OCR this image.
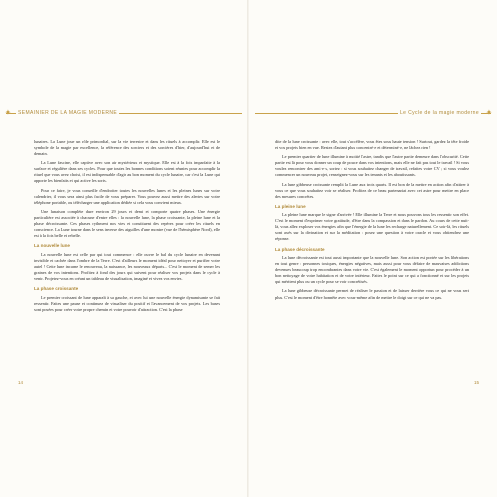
✦	SEMAINIER DE LA MAGIE MODERNE

lunaires. La Lune joue un rôle primordial, sur la vie terrestre et dans les rituels à accomplir. Elle est le symbole de la magie par excellence, la référence des sorciers et des sorcières d'hier, d'aujourd'hui et de demain.

La Lune fascine, elle captive avec son air mystérieux et mystique. Elle est à la fois imparfaite à la surface et régulière dans ses cycles. Pour que toutes les bonnes conditions soient réunies pour accomplir la rituel que vous avez choisi, il est indispensable d'agir au bon moment du cycle lunaire, car c'est la Lune qui apporte les bienfaits et qui active les sorts.

Pour ce faire, je vous conseille d'endroiter toutes les nouvelles lunes et les pleines lunes sur votre calendrier, il vous sera ainsi plus facile de vous préparer. Vous pouvez aussi mettre des alertes sur votre téléphone portable, ou télécharger une application dédiée si cela vous convient mieux.

Une lunaison complète dure environ 29 jours et demi et comporte quatre phases. Une énergie particulière est associée à chacune d'entre elles : la nouvelle lune, la phase croissante, la pleine lune et la phase décroissante. Ces phases rythment nos vies et constituent des repères pour créer les rituels en conscience. La Lune tourne dans le sens inverse des aiguilles d'une montre (vue de l'hémisphère Nord), elle est à la fois belle et rebelle.

La nouvelle lune

La nouvelle lune est celle par qui tout commence : elle ouvre le bal du cycle lunaire en devenant invisible et cachée dans l'ombre de la Terre. C'est d'ailleurs le moment idéal pour nettoyer et purifier votre autel ! Cette lune incarne le renouveau, la naissance, les nouveaux départs... C'est le moment de semer les graines de vos intentions. Profitez à fond des jours qui suivent pour réaliser vos projets dans le cycle à venir. Projetez-vous en créant un tableau de visualisation, imaginé et vivez vos envies.

La phase croissante

Le premier croissant de lune apparaît à sa gauche, et avec lui une nouvelle énergie dynamisante se fait ressentir. Faites une pause et continuez de visualiser du positif et l'avancement de vos projets. Les bases sont posées pour créer votre propre chemin et votre pouvoir d'attraction. C'est la phase

14
Le Cycle de la magie moderne ✦

dite de la lune croissante : avec elle, tout s'accélère, vous êtes sous haute tension ! Surtout, gardez la tête froide et vos projets bien en vue. Restez d'autant plus concentré·e et déterminé·e, ne lâchez rien !

Le premier quartier de lune illumine à moitié l'astre, tandis que l'autre partie demeure dans l'obscurité. Cette partie est là pour vous donner un coup de pouce dans vos intentions, mais elle ne fait pas tout le travail ! Si vous voulez rencontrer des ami·e·s, sortez : si vous souhaitez changer de travail, refaites votre CV ; si vous voulez commencer un nouveau projet, renseignez-vous sur les tenants et les aboutissants.

La lune gibbeuse croissante remplit la Lune aux trois quarts. Il est bon de la mettre en action afin d'attirer à vous ce que vous souhaitez voir se réaliser. Profitez de ce beau partenariat avec cet astre pour mettre en place des mesures concrètes.

La pleine lune

La pleine lune marque le signe d'arrivée ! Elle illumine la Terre et nous pouvons tous les ressentir son effet. C'est le moment d'exprimer votre gratitude, d'être dans la compassion et dans le pardon. Au cours de cette nuit-là, vous allez exploser vos énergies afin que l'énergie de la lune les recharge naturellement. Ce soir-là, les rituels sont axés sur la divination et sur la méditation : posez une question à votre oracle et vous obtiendrez une réponse.

La phase décroissante

La lune décroissante est tout aussi importante que la nouvelle lune. Son action est portée sur les libérations en tout genre : personnes toxiques, énergies négatives, mais aussi pour vous défaire de mauvaises addictions devenues beaucoup trop encombrantes dans votre vie. C'est également le moment opportun pour procéder à un bon nettoyage de votre habitation et de votre intérieur. Faites le point sur ce qui a fonctionné et sur les projets qui méritent plus ou un cycle pour se voir concrétisés.

La lune gibbeuse décroissante permet de réaliser le passion et de laisser derrière vous ce qui ne vous sert plus. C'est le moment d'être honnête avec vous-même afin de mettre le doigt sur ce qui ne va pas.

15
